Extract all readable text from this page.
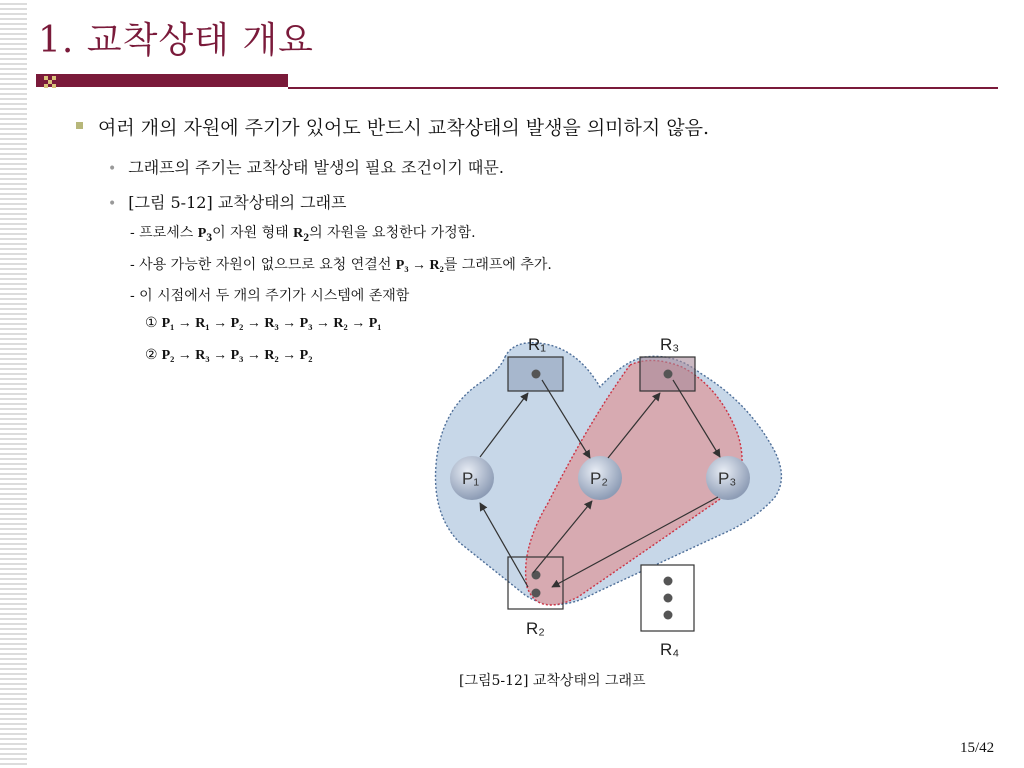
1. 교착상태 개요
여러 개의 자원에 주기가 있어도 반드시 교착상태의 발생을 의미하지 않음.
• 그래프의 주기는 교착상태 발생의 필요 조건이기 때문.
• [그림 5-12] 교착상태의 그래프
- 프로세스 $P_3$이 자원 형태 $R_2$의 자원을 요청한다 가정함.
- 사용 가능한 자원이 없으므로 요청 연결선 P₃ → R₂를 그래프에 추가.
- 이 시점에서 두 개의 주기가 시스템에 존재함
① P₁ → R₁ → P₂ → R₃ → P₃ → R₂ → P₁
② P₂ → R₃ → P₃ → R₂ → P₂
R₁	R₃
R₂
R₄
P₁	P₂	P₃
[그림5-12] 교착상태의 그래프
15/42
